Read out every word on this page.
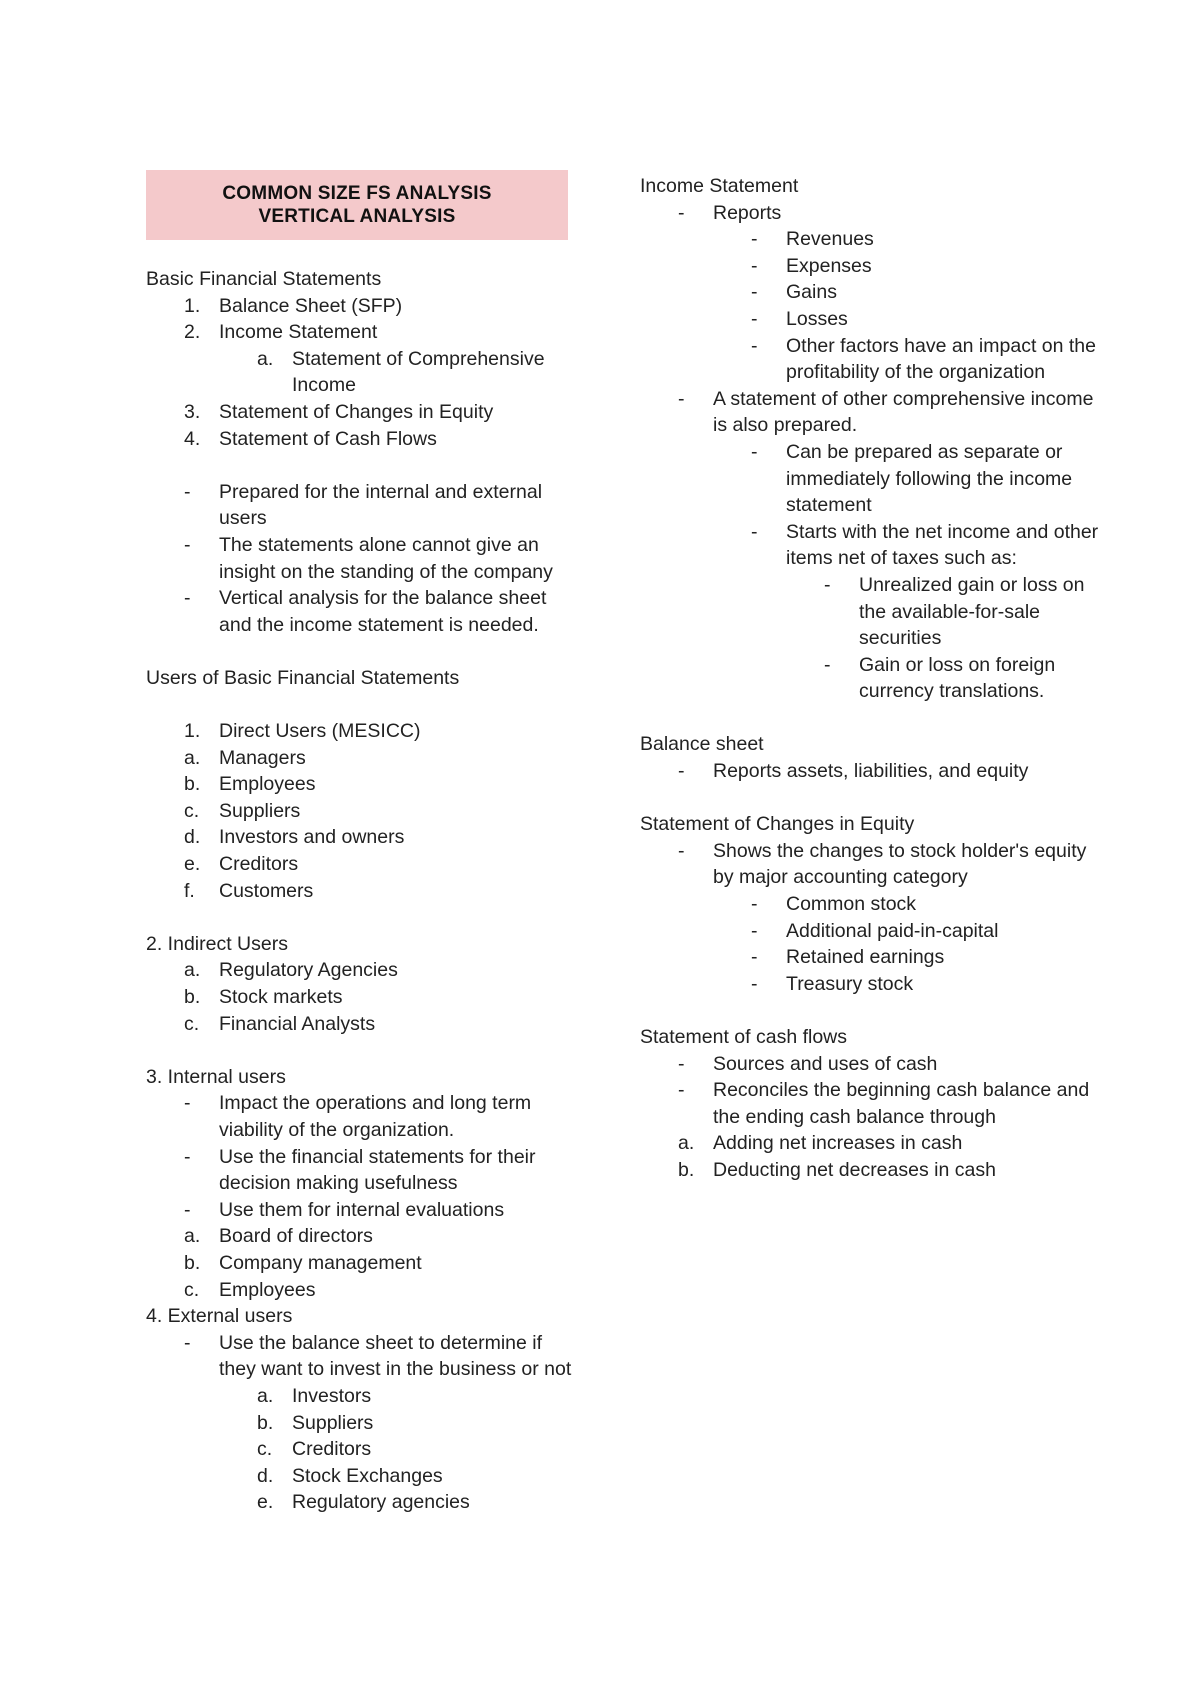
COMMON SIZE FS ANALYSIS
VERTICAL ANALYSIS
Basic Financial Statements
1. Balance Sheet (SFP)
2. Income Statement
a. Statement of Comprehensive Income
3. Statement of Changes in Equity
4. Statement of Cash Flows
- Prepared for the internal and external users
- The statements alone cannot give an insight on the standing of the company
- Vertical analysis for the balance sheet and the income statement is needed.
Users of Basic Financial Statements
1. Direct Users (MESICC)
a. Managers
b. Employees
c. Suppliers
d. Investors and owners
e. Creditors
f. Customers
2. Indirect Users
a. Regulatory Agencies
b. Stock markets
c. Financial Analysts
3. Internal users
- Impact the operations and long term viability of the organization.
- Use the financial statements for their decision making usefulness
- Use them for internal evaluations
a. Board of directors
b. Company management
c. Employees
4. External users
- Use the balance sheet to determine if they want to invest in the business or not
a. Investors
b. Suppliers
c. Creditors
d. Stock Exchanges
e. Regulatory agencies
Income Statement
- Reports
- Revenues
- Expenses
- Gains
- Losses
- Other factors have an impact on the profitability of the organization
- A statement of other comprehensive income is also prepared.
- Can be prepared as separate or immediately following the income statement
- Starts with the net income and other items net of taxes such as:
- Unrealized gain or loss on the available-for-sale securities
- Gain or loss on foreign currency translations.
Balance sheet
- Reports assets, liabilities, and equity
Statement of Changes in Equity
- Shows the changes to stock holder's equity by major accounting category
- Common stock
- Additional paid-in-capital
- Retained earnings
- Treasury stock
Statement of cash flows
- Sources and uses of cash
- Reconciles the beginning cash balance and the ending cash balance through
a. Adding net increases in cash
b. Deducting net decreases in cash
